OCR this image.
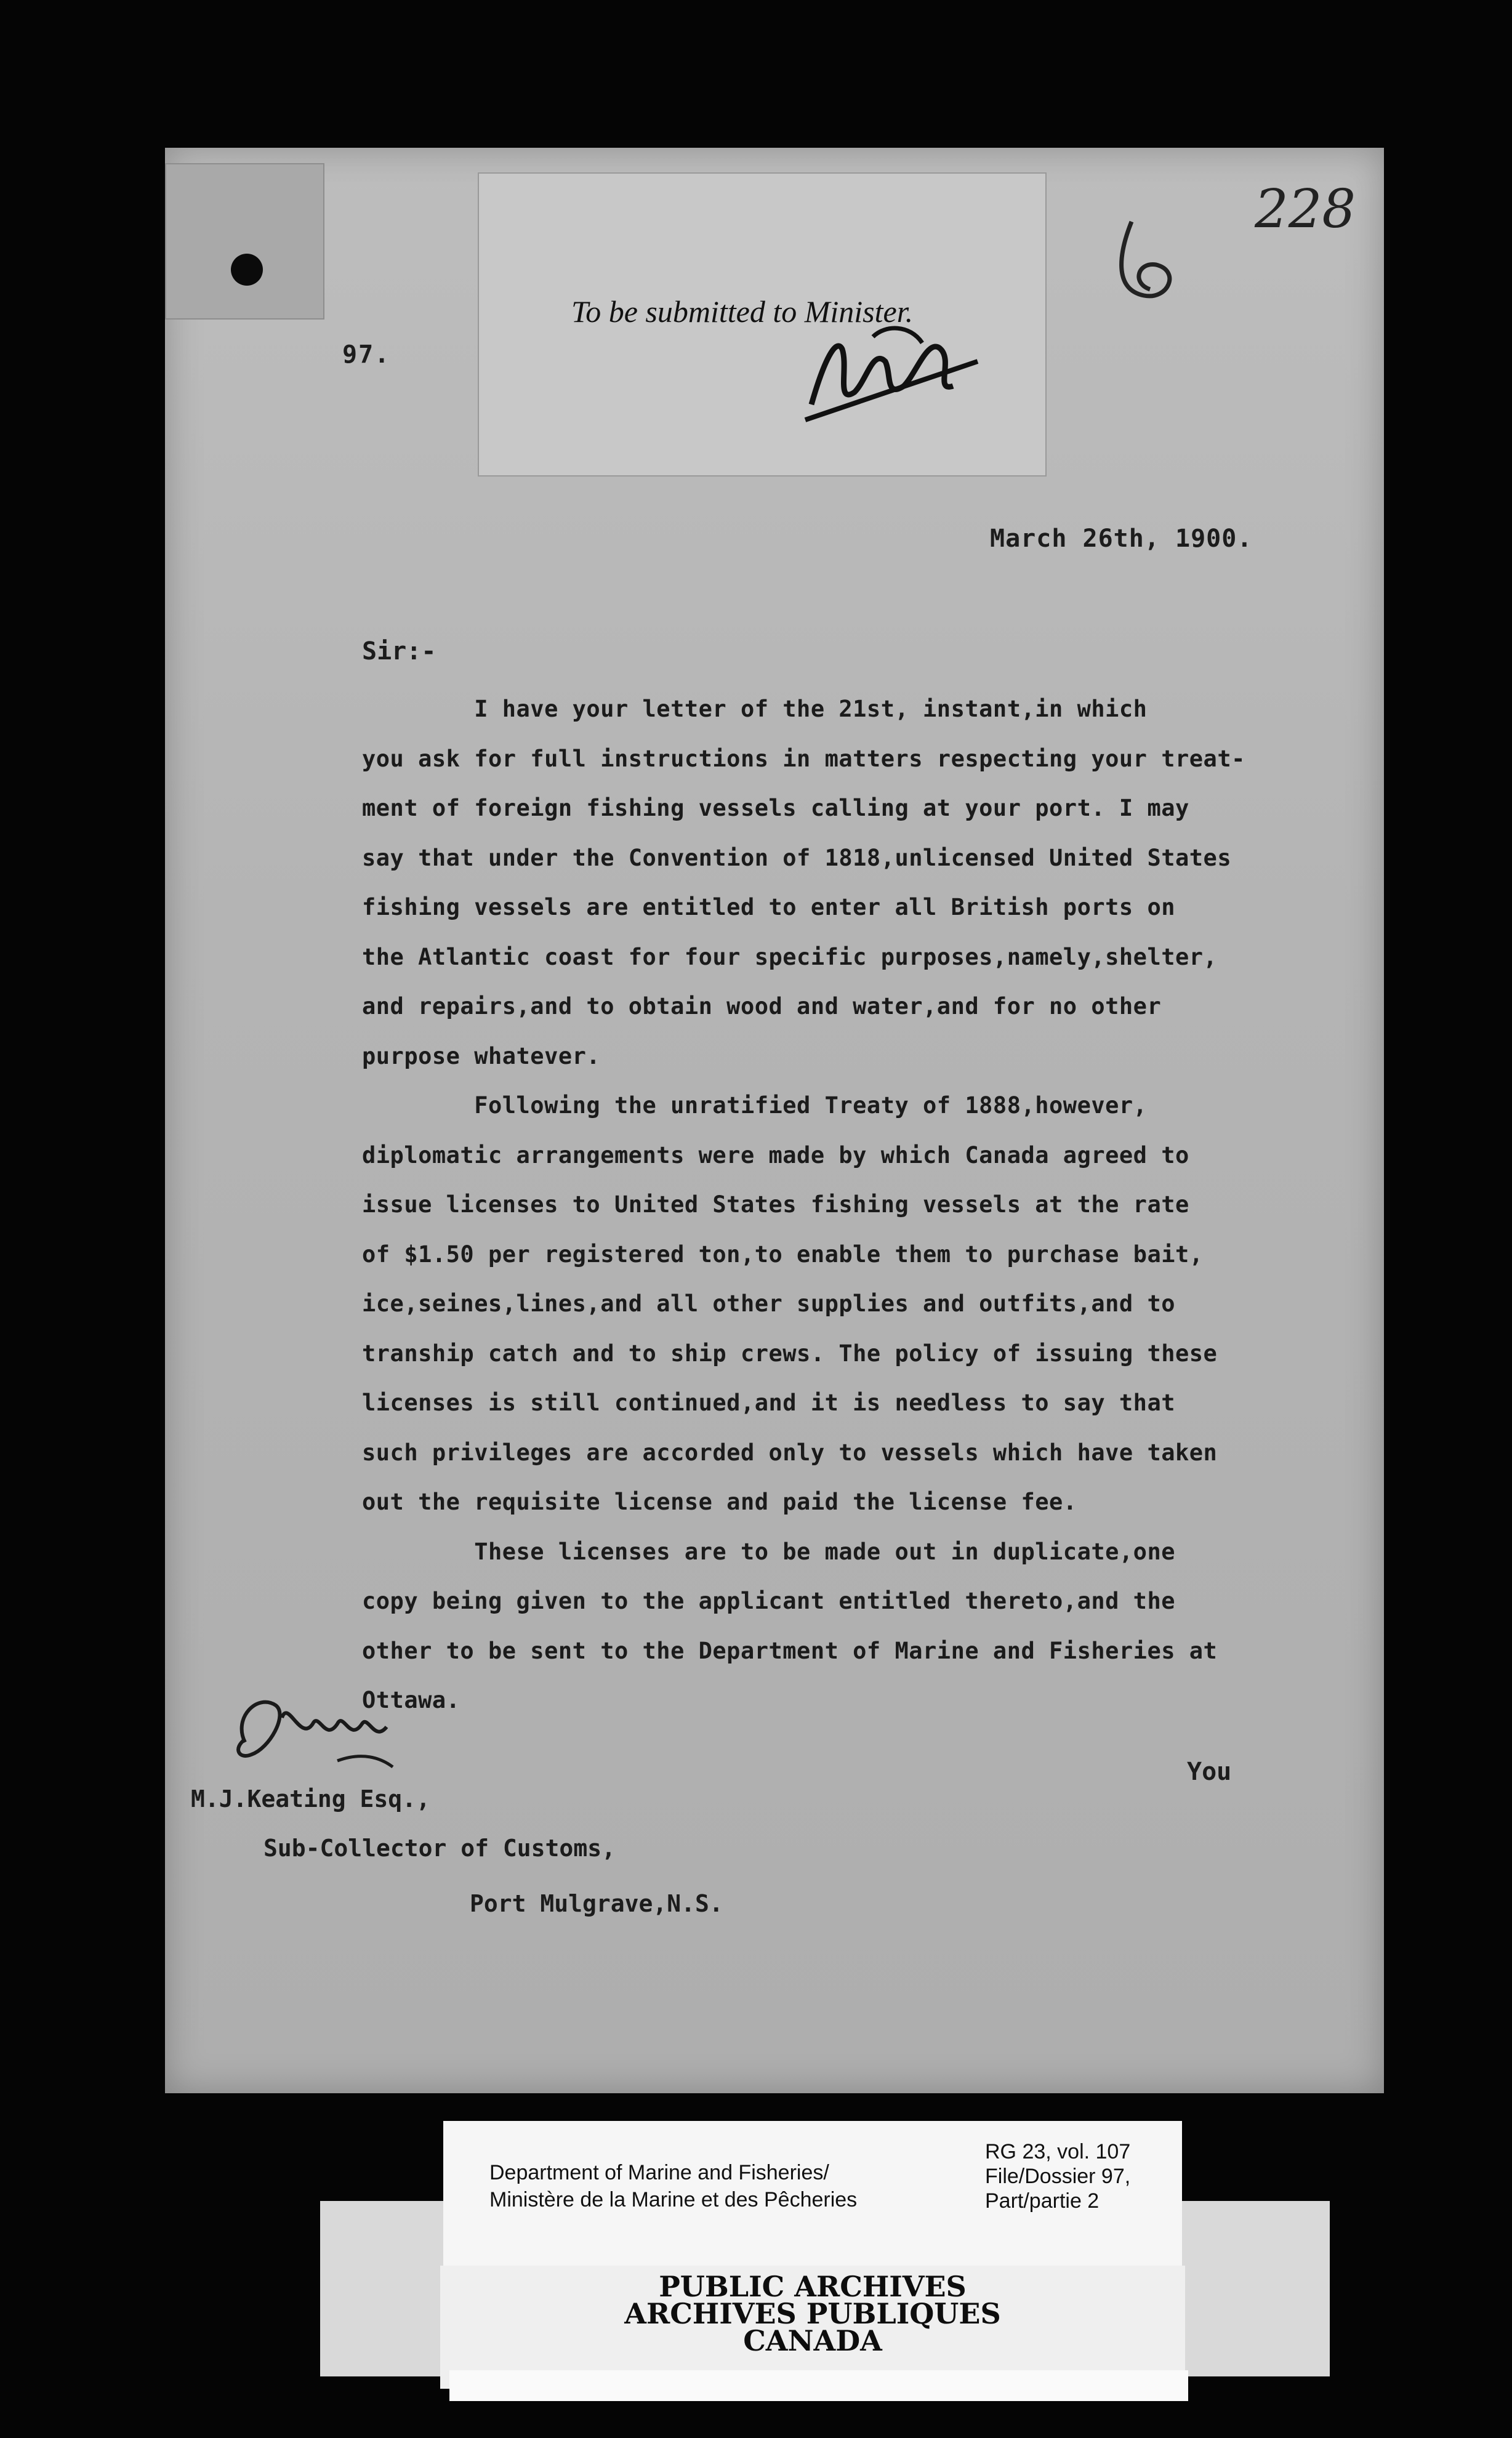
97.
To be submitted to Minister.
228
March 26th, 1900.
Sir:-
I have your letter of the 21st, instant,in which
you ask for full instructions in matters respecting your treat-
ment of foreign fishing vessels calling at your port. I may
say that under the Convention of 1818,unlicensed United States
fishing vessels are entitled to enter all British ports on
the Atlantic coast for four specific purposes,namely,shelter,
and repairs,and to obtain wood and water,and for no other
purpose whatever.
Following the unratified Treaty of 1888,however,
diplomatic arrangements were made by which Canada agreed to
issue licenses to United States fishing vessels at the rate
of $1.50 per registered ton,to enable them to purchase bait,
ice,seines,lines,and all other supplies and outfits,and to
tranship catch and to ship crews. The policy of issuing these
licenses is still continued,and it is needless to say that
such privileges are accorded only to vessels which have taken
out the requisite license and paid the license fee.
These licenses are to be made out in duplicate,one
copy being given to the applicant entitled thereto,and the
other to be sent to the Department of Marine and Fisheries at
Ottawa.
You
M.J.Keating Esq.,
Sub-Collector of Customs,
Port Mulgrave,N.S.
Department of Marine and Fisheries/
Ministère de la Marine et des Pêcheries
RG 23, vol. 107
File/Dossier 97,
Part/partie 2
PUBLIC ARCHIVES
ARCHIVES PUBLIQUES
CANADA
